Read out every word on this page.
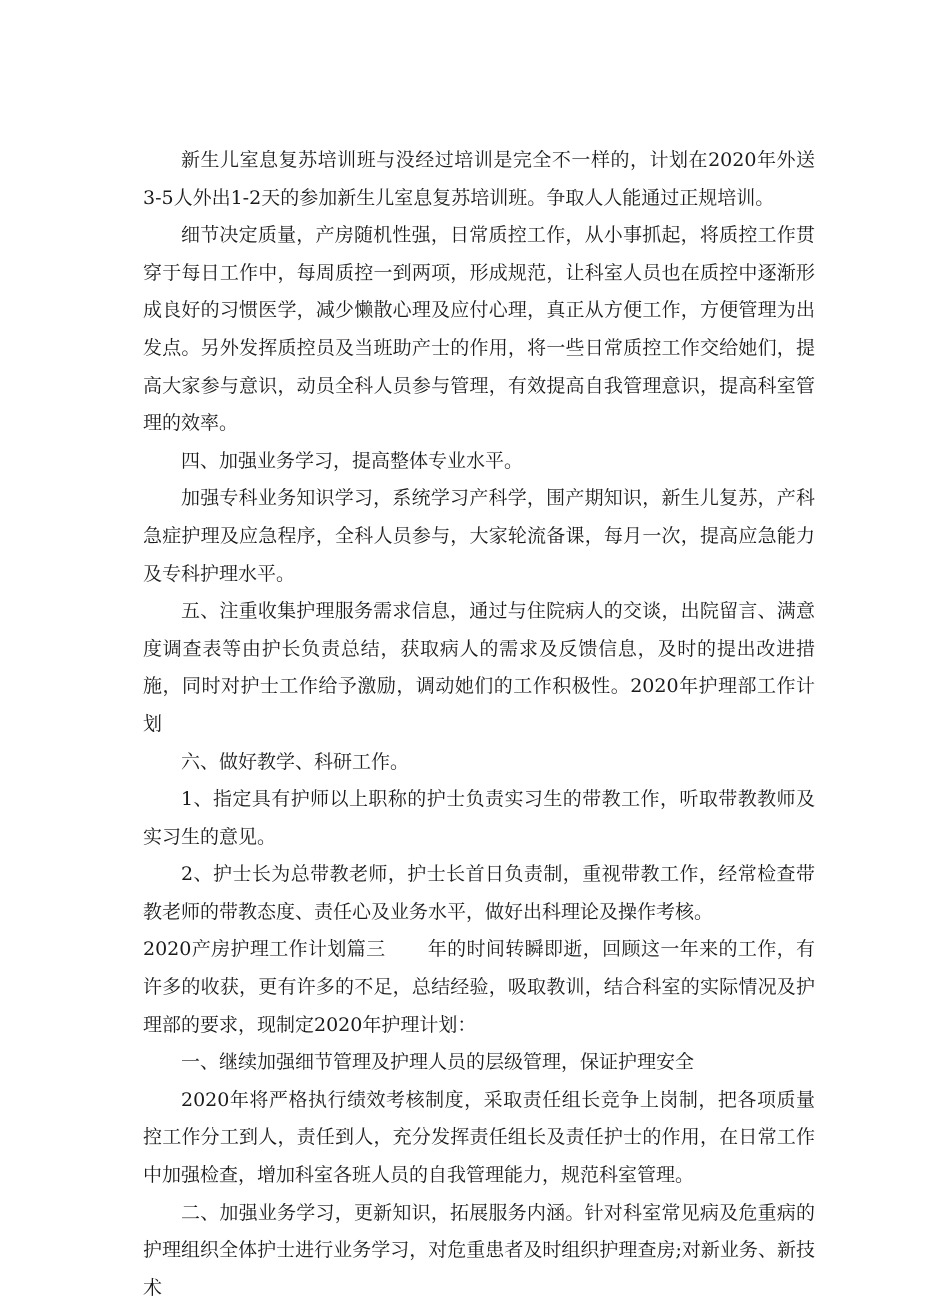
新生儿室息复苏培训班与没经过培训是完全不一样的，计划在2020年外送3-5人外出1-2天的参加新生儿室息复苏培训班。争取人人能通过正规培训。

细节决定质量，产房随机性强，日常质控工作，从小事抓起，将质控工作贯穿于每日工作中，每周质控一到两项，形成规范，让科室人员也在质控中逐渐形成良好的习惯医学，减少懒散心理及应付心理，真正从方便工作，方便管理为出发点。另外发挥质控员及当班助产士的作用，将一些日常质控工作交给她们，提高大家参与意识，动员全科人员参与管理，有效提高自我管理意识，提高科室管理的效率。

四、加强业务学习，提高整体专业水平。

加强专科业务知识学习，系统学习产科学，围产期知识，新生儿复苏，产科急症护理及应急程序，全科人员参与，大家轮流备课，每月一次，提高应急能力及专科护理水平。

五、注重收集护理服务需求信息，通过与住院病人的交谈，出院留言、满意度调查表等由护长负责总结，获取病人的需求及反馈信息，及时的提出改进措施，同时对护士工作给予激励，调动她们的工作积极性。2020年护理部工作计划

六、做好教学、科研工作。

1、指定具有护师以上职称的护士负责实习生的带教工作，听取带教教师及实习生的意见。

2、护士长为总带教老师，护士长首日负责制，重视带教工作，经常检查带教老师的带教态度、责任心及业务水平，做好出科理论及操作考核。

2020产房护理工作计划篇三 年的时间转瞬即逝，回顾这一年来的工作，有许多的收获，更有许多的不足，总结经验，吸取教训，结合科室的实际情况及护理部的要求，现制定2020年护理计划：

一、继续加强细节管理及护理人员的层级管理，保证护理安全

2020年将严格执行绩效考核制度，采取责任组长竞争上岗制，把各项质量控工作分工到人，责任到人，充分发挥责任组长及责任护士的作用，在日常工作中加强检查，增加科室各班人员的自我管理能力，规范科室管理。

二、加强业务学习，更新知识，拓展服务内涵。针对科室常见病及危重病的护理组织全体护士进行业务学习，对危重患者及时组织护理查房;对新业务、新技术
